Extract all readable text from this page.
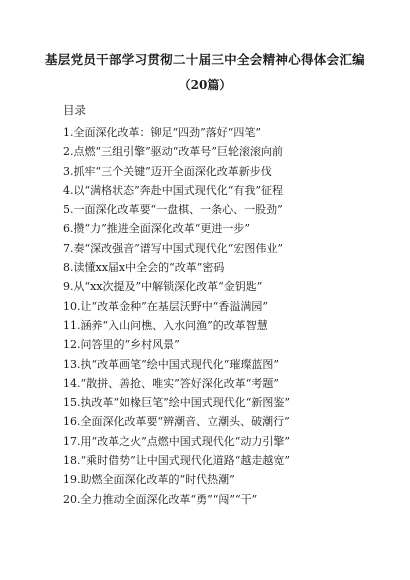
基层党员干部学习贯彻二十届三中全会精神心得体会汇编
（20篇）
目录
1.全面深化改革：铆足“四劲”落好“四笔”
2.点燃“三组引擎”驱动“改革号”巨轮滚滚向前
3.抓牢“三个关键”迈开全面深化改革新步伐
4.以“满格状态”奔赴中国式现代化“有我”征程
5.一面深化改革要“一盘棋、一条心、一股劲”
6.攒“力”推进全面深化改革“更进一步”
7.奏“深改强音”谱写中国式现代化“宏图伟业”
8.读懂xx届x中全会的“改革”密码
9.从“xx次提及”中解锁深化改革“金钥匙”
10.让“改革金种”在基层沃野中“香溢满园”
11.涵养“入山问樵、入水问渔”的改革智慧
12.问答里的“乡村风景”
13.执“改革画笔”绘中国式现代化“璀璨蓝图”
14.“散拼、善抢、唯实”答好深化改革“考题”
15.执改革“如椽巨笔”绘中国式现代化“新图鉴”
16.全面深化改革要“辨潮音、立潮头、破潮行”
17.用“改革之火”点燃中国式现代化“动力引擎”
18.“乘时借势”让中国式现代化道路“越走越宽”
19.助燃全面深化改革的“时代热潮”
20.全力推动全面深化改革“勇”“闯”“干”
